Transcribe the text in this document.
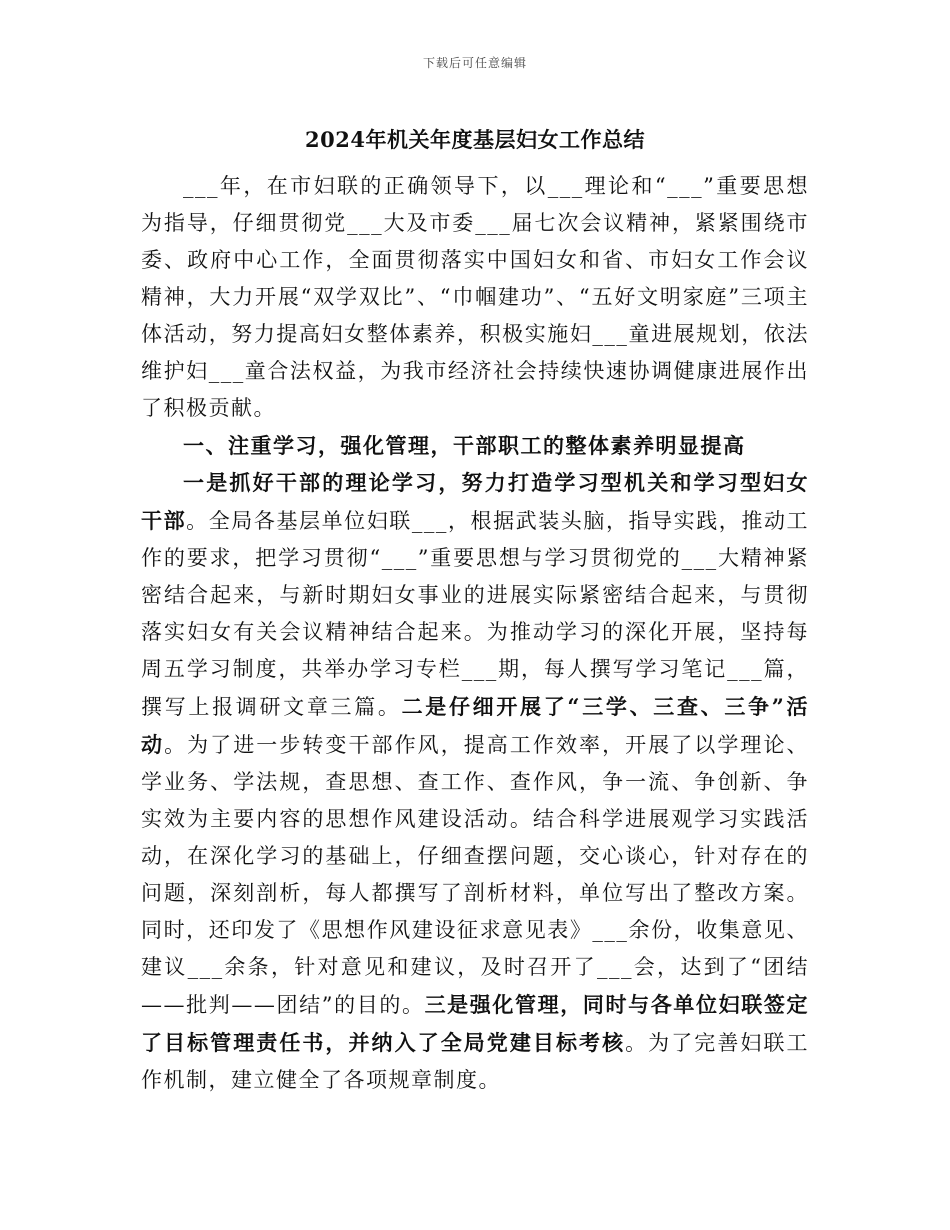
下载后可任意编辑
2024年机关年度基层妇女工作总结

___年，在市妇联的正确领导下，以___理论和“___”重要思想为指导，仔细贯彻党___大及市委___届七次会议精神，紧紧围绕市委、政府中心工作，全面贯彻落实中国妇女和省、市妇女工作会议精神，大力开展“双学双比”、“巾帼建功”、“五好文明家庭”三项主体活动，努力提高妇女整体素养，积极实施妇___童进展规划，依法维护妇___童合法权益，为我市经济社会持续快速协调健康进展作出了积极贡献。

一、注重学习，强化管理，干部职工的整体素养明显提高

一是抓好干部的理论学习，努力打造学习型机关和学习型妇女干部。全局各基层单位妇联___，根据武装头脑，指导实践，推动工作的要求，把学习贯彻“___”重要思想与学习贯彻党的___大精神紧密结合起来，与新时期妇女事业的进展实际紧密结合起来，与贯彻落实妇女有关会议精神结合起来。为推动学习的深化开展，坚持每周五学习制度，共举办学习专栏___期，每人撰写学习笔记___篇，撰写上报调研文章三篇。二是仔细开展了“三学、三查、三争”活动。为了进一步转变干部作风，提高工作效率，开展了以学理论、学业务、学法规，查思想、查工作、查作风，争一流、争创新、争实效为主要内容的思想作风建设活动。结合科学进展观学习实践活动，在深化学习的基础上，仔细查摆问题，交心谈心，针对存在的问题，深刻剖析，每人都撰写了剖析材料，单位写出了整改方案。同时，还印发了《思想作风建设征求意见表》___余份，收集意见、建议___余条，针对意见和建议，及时召开了___会，达到了“团结——批判——团结”的目的。三是强化管理，同时与各单位妇联签定了目标管理责任书，并纳入了全局党建目标考核。为了完善妇联工作机制，建立健全了各项规章制度。
